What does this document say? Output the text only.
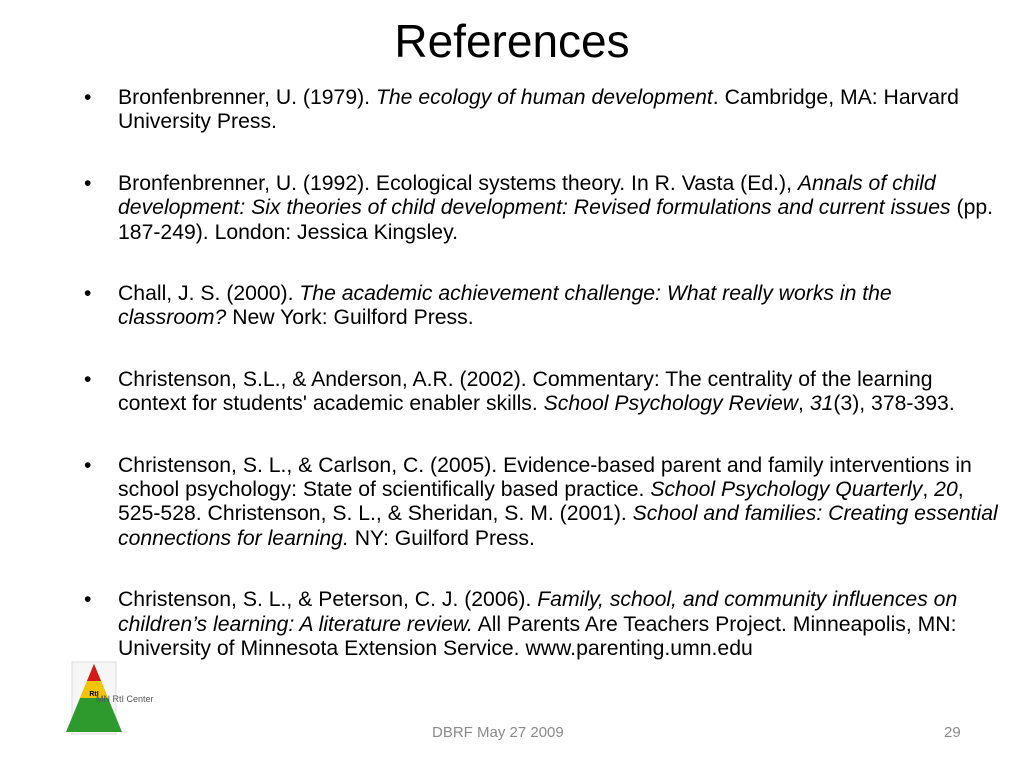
References
• Bronfenbrenner, U. (1979). The ecology of human development. Cambridge, MA: Harvard University Press.
• Bronfenbrenner, U. (1992). Ecological systems theory. In R. Vasta (Ed.), Annals of child development: Six theories of child development: Revised formulations and current issues (pp. 187-249). London: Jessica Kingsley.
• Chall, J. S. (2000). The academic achievement challenge: What really works in the classroom? New York: Guilford Press.
• Christenson, S.L., & Anderson, A.R. (2002). Commentary: The centrality of the learning context for students' academic enabler skills. School Psychology Review, 31(3), 378-393.
• Christenson, S. L., & Carlson, C. (2005). Evidence-based parent and family interventions in school psychology: State of scientifically based practice. School Psychology Quarterly, 20, 525-528. Christenson, S. L., & Sheridan, S. M. (2001). School and families: Creating essential connections for learning. NY: Guilford Press.
• Christenson, S. L., & Peterson, C. J. (2006). Family, school, and community influences on children’s learning: A literature review. All Parents Are Teachers Project. Minneapolis, MN: University of Minnesota Extension Service. www.parenting.umn.edu
RtI
MN RtI Center
DBRF May 27 2009	29
